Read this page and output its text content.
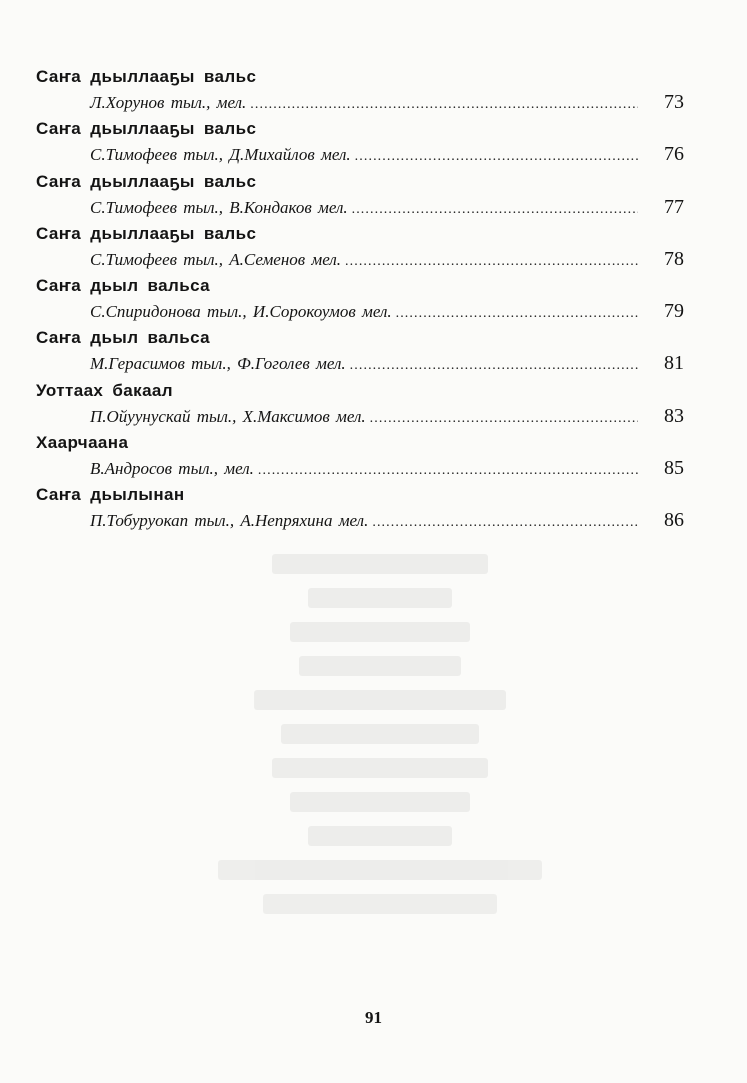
Саҥа дьыллааҕы вальс
Л.Хорунов тыл., мел. . . .	73
Саҥа дьыллааҕы вальс
С.Тимофеев тыл., Д.Михайлов мел. . . .	76
Саҥа дьыллааҕы вальс
С.Тимофеев тыл., В.Кондаков мел. . . .	77
Саҥа дьыллааҕы вальс
С.Тимофеев тыл., А.Семенов мел. . . .	78
Саҥа дьыл вальса
С.Спиридонова тыл., И.Сорокоумов мел. . . .	79
Саҥа дьыл вальса
М.Герасимов тыл., Ф.Гоголев мел. . . .	81
Уоттаах бакаал
П.Ойуунускай тыл., Х.Максимов мел. . . .	83
Хаарчаана
В.Андросов тыл., мел. . . .	85
Саҥа дьылынан
П.Тобуруокап тыл., А.Непряхина мел. . . .	86
91
